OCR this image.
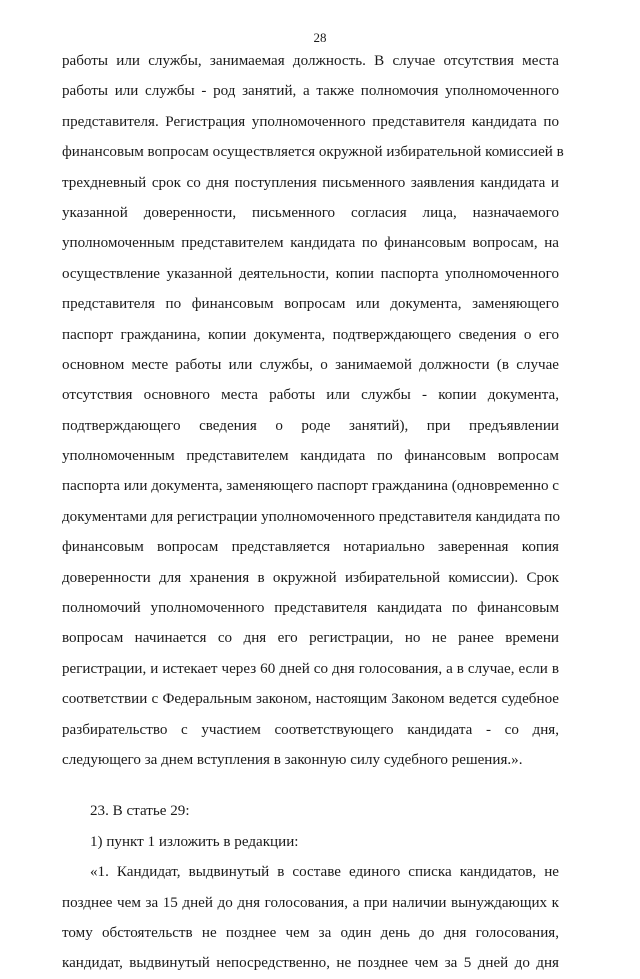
28
работы или службы, занимаемая должность. В случае отсутствия места
работы или службы - род занятий, а также полномочия уполномоченного
представителя. Регистрация уполномоченного представителя кандидата по
финансовым вопросам осуществляется окружной избирательной комиссией в
трехдневный срок со дня поступления письменного заявления кандидата и
указанной доверенности, письменного согласия лица, назначаемого
уполномоченным представителем кандидата по финансовым вопросам, на
осуществление указанной деятельности, копии паспорта уполномоченного
представителя по финансовым вопросам или документа, заменяющего
паспорт гражданина, копии документа, подтверждающего сведения о его
основном месте работы или службы, о занимаемой должности (в случае
отсутствия основного места работы или службы - копии документа,
подтверждающего сведения о роде занятий), при предъявлении
уполномоченным представителем кандидата по финансовым вопросам
паспорта или документа, заменяющего паспорт гражданина (одновременно с
документами для регистрации уполномоченного представителя кандидата по
финансовым вопросам представляется нотариально заверенная копия
доверенности для хранения в окружной избирательной комиссии). Срок
полномочий уполномоченного представителя кандидата по финансовым
вопросам начинается со дня его регистрации, но не ранее времени
регистрации, и истекает через 60 дней со дня голосования, а в случае, если в
соответствии с Федеральным законом, настоящим Законом ведется судебное
разбирательство с участием соответствующего кандидата - со дня,
следующего за днем вступления в законную силу судебного решения.».
23. В статье 29:
1) пункт 1 изложить в редакции:
«1. Кандидат, выдвинутый в составе единого списка кандидатов, не
позднее чем за 15 дней до дня голосования, а при наличии вынуждающих к
тому обстоятельств не позднее чем за один день до дня голосования,
кандидат, выдвинутый непосредственно, не позднее чем за 5 дней до дня
